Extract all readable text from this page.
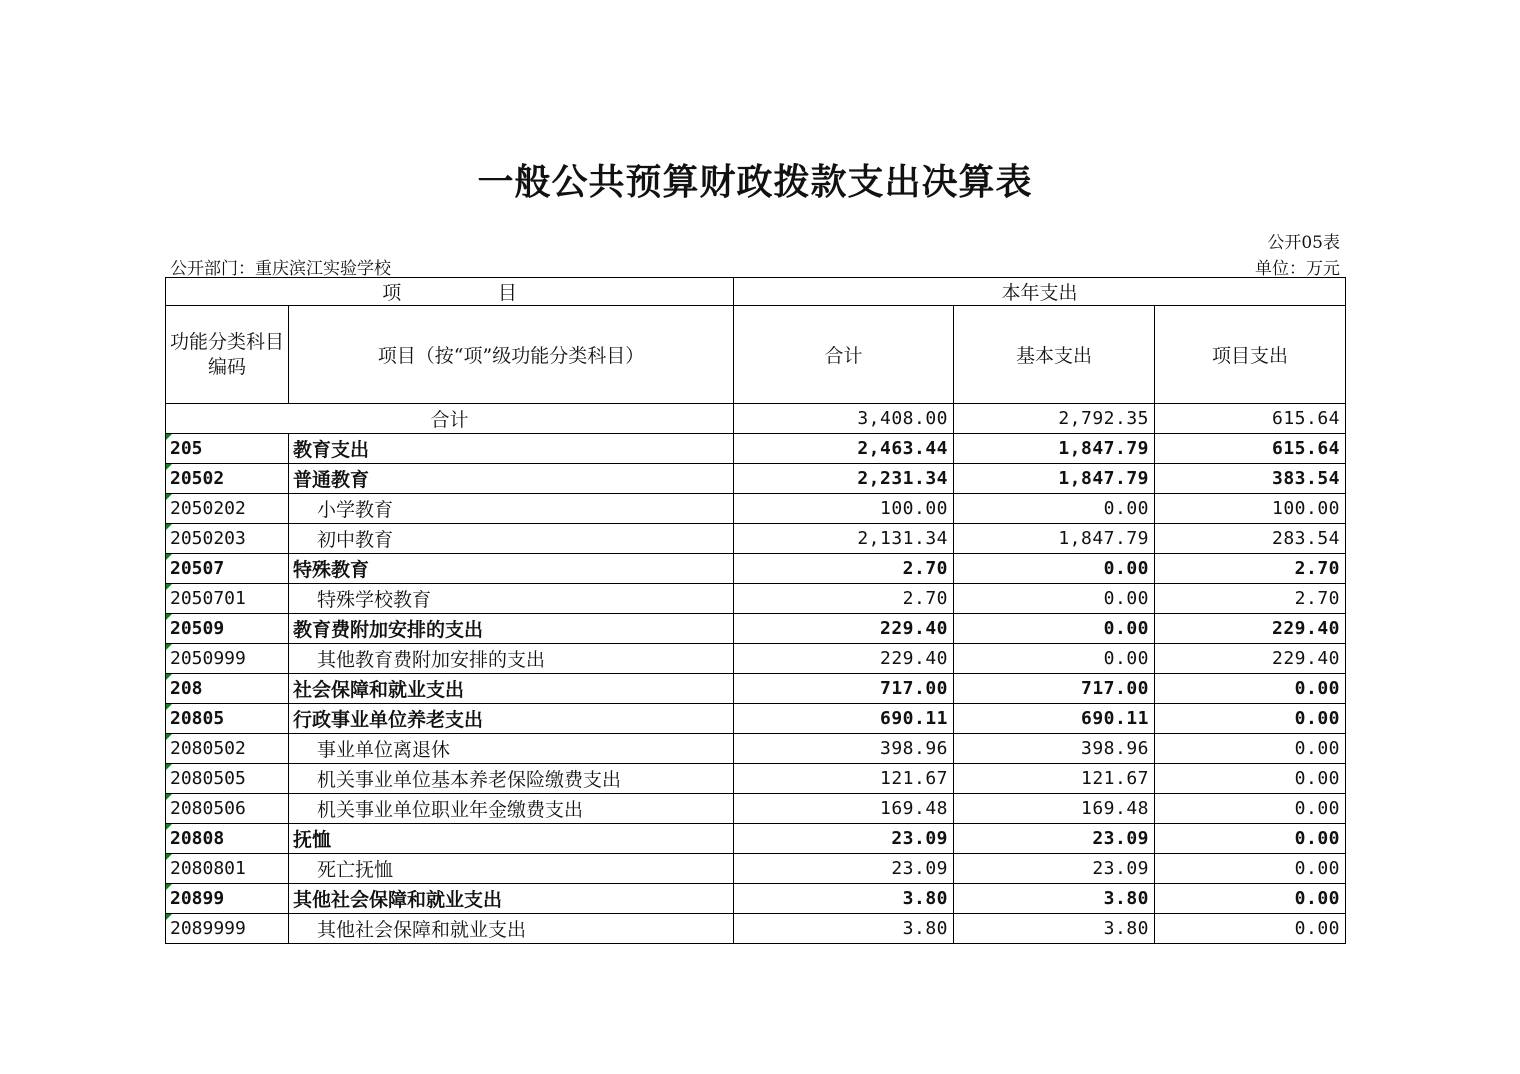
一般公共预算财政拨款支出决算表
公开05表
公开部门：重庆滨江实验学校	单位：万元
项                目		本年支出		
功能分类科目编码	项目（按“项”级功能分类科目）	合计	基本支出	项目支出
合计		3,408.00	2,792.35	615.64

205	教育支出	2,463.44	1,847.79	615.64

20502	普通教育	2,231.34	1,847.79	383.54

2050202	小学教育	100.00	0.00	100.00

2050203	初中教育	2,131.34	1,847.79	283.54

20507	特殊教育	2.70	0.00	2.70

2050701	特殊学校教育	2.70	0.00	2.70

20509	教育费附加安排的支出	229.40	0.00	229.40

2050999	其他教育费附加安排的支出	229.40	0.00	229.40

208	社会保障和就业支出	717.00	717.00	0.00

20805	行政事业单位养老支出	690.11	690.11	0.00

2080502	事业单位离退休	398.96	398.96	0.00

2080505	机关事业单位基本养老保险缴费支出	121.67	121.67	0.00

2080506	机关事业单位职业年金缴费支出	169.48	169.48	0.00

20808	抚恤	23.09	23.09	0.00

2080801	死亡抚恤	23.09	23.09	0.00

20899	其他社会保障和就业支出	3.80	3.80	0.00

2089999	其他社会保障和就业支出	3.80	3.80	0.00
